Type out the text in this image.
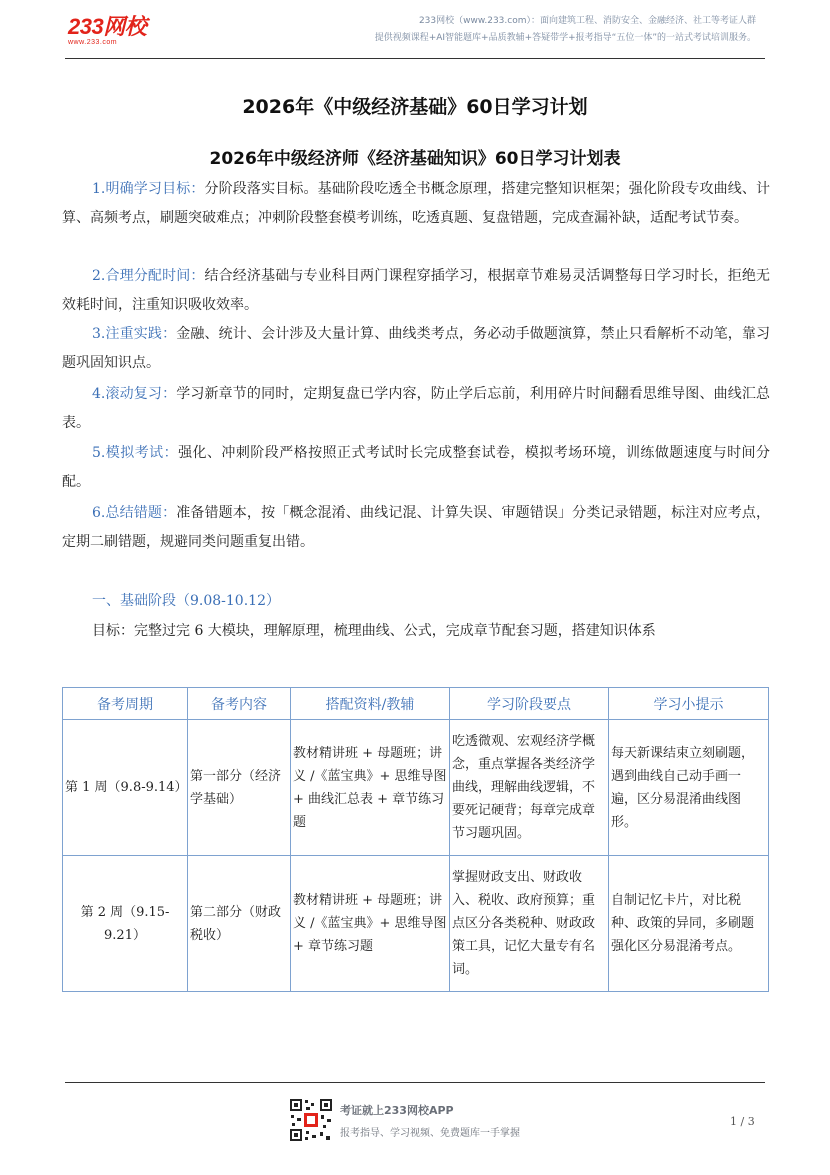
233网校
www.233.com
233网校（www.233.com）：面向建筑工程、消防安全、金融经济、社工等考证人群
提供视频课程+AI智能题库+品质教辅+答疑带学+报考指导“五位一体”的一站式考试培训服务。
2026年《中级经济基础》60日学习计划
2026年中级经济师《经济基础知识》60日学习计划表
1.明确学习目标：分阶段落实目标。基础阶段吃透全书概念原理，搭建完整知识框架；强化阶段专攻曲线、计算、高频考点，刷题突破难点；冲刺阶段整套模考训练，吃透真题、复盘错题，完成查漏补缺，适配考试节奏。
2.合理分配时间：结合经济基础与专业科目两门课程穿插学习，根据章节难易灵活调整每日学习时长，拒绝无效耗时间，注重知识吸收效率。
3.注重实践：金融、统计、会计涉及大量计算、曲线类考点，务必动手做题演算，禁止只看解析不动笔，靠习题巩固知识点。
4.滚动复习：学习新章节的同时，定期复盘已学内容，防止学后忘前，利用碎片时间翻看思维导图、曲线汇总表。
5.模拟考试：强化、冲刺阶段严格按照正式考试时长完成整套试卷，模拟考场环境，训练做题速度与时间分配。
6.总结错题：准备错题本，按「概念混淆、曲线记混、计算失误、审题错误」分类记录错题，标注对应考点，定期二刷错题，规避同类问题重复出错。
一、基础阶段（9.08-10.12）
目标：完整过完 6 大模块，理解原理，梳理曲线、公式，完成章节配套习题，搭建知识体系
备考周期	备考内容	搭配资料/教辅	学习阶段要点	学习小提示
第 1 周（9.8-9.14）	第一部分（经济学基础）	教材精讲班 + 母题班；讲义 /《蓝宝典》+ 思维导图 + 曲线汇总表 + 章节练习题	吃透微观、宏观经济学概念，重点掌握各类经济学曲线，理解曲线逻辑，不要死记硬背；每章完成章节习题巩固。	每天新课结束立刻刷题，遇到曲线自己动手画一遍，区分易混淆曲线图形。
第 2 周（9.15-9.21）	第二部分（财政税收）	教材精讲班 + 母题班；讲义 /《蓝宝典》+ 思维导图 + 章节练习题	掌握财政支出、财政收入、税收、政府预算；重点区分各类税种、财政政策工具，记忆大量专有名词。	自制记忆卡片，对比税种、政策的异同，多刷题强化区分易混淆考点。
考证就上233网校APP
报考指导、学习视频、免费题库一手掌握
1 / 3
